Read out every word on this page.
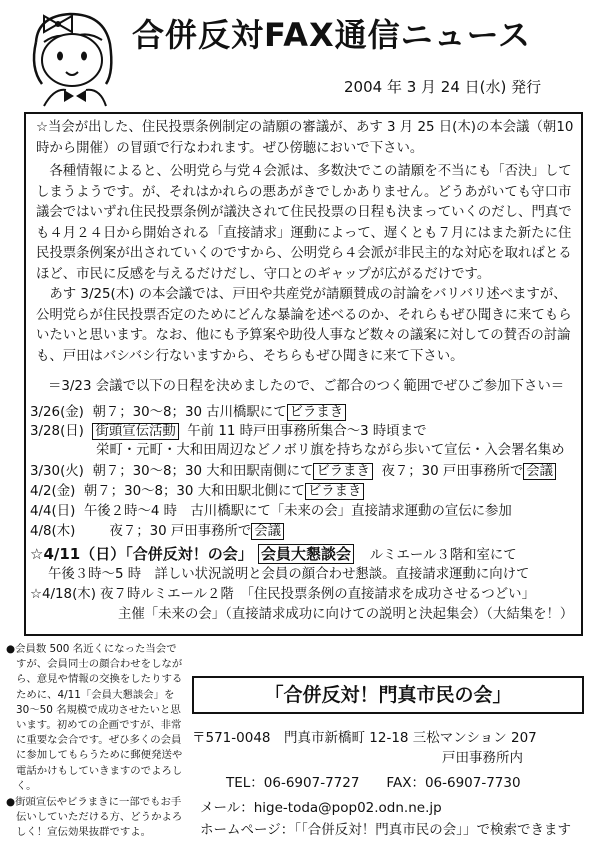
合併反対FAX通信ニュース
2004 年 3 月 24 日(水) 発行
☆当会が出した、住民投票条例制定の請願の審議が、あす 3 月 25 日(木)の本会議（朝10時から開催）の冒頭で行なわれます。ぜひ傍聴においで下さい。
各種情報によると、公明党ら与党４会派は、多数決でこの請願を不当にも「否決」してしまうようです。が、それはかれらの悪あがきでしかありません。どうあがいても守口市議会ではいずれ住民投票条例が議決されて住民投票の日程も決まっていくのだし、門真でも４月２４日から開始される「直接請求」運動によって、遅くとも７月にはまた新たに住民投票条例案が出されていくのですから、公明党ら４会派が非民主的な対応を取ればとるほど、市民に反感を与えるだけだし、守口とのギャップが広がるだけです。
あす 3/25(木) の本会議では、戸田や共産党が請願賛成の討論をバリバリ述べますが、公明党らが住民投票否定のためにどんな暴論を述べるのか、それらもぜひ聞きに来てもらいたいと思います。なお、他にも予算案や助役人事など数々の議案に対しての賛否の討論も、戸田はバシバシ行ないますから、そちらもぜひ聞きに来て下さい。
＝3/23 会議で以下の日程を決めましたので、ご都合のつく範囲でぜひご参加下さい＝
3/26(金) 朝７；30～8；30 古川橋駅にて ビラまき
3/28(日) 街頭宣伝活動 午前 11 時戸田事務所集合～3 時頃まで
栄町・元町・大和田周辺などノボリ旗を持ちながら歩いて宣伝・入会署名集め
3/30(火) 朝７；30～8；30 大和田駅南側にて ビラまき 夜７；30 戸田事務所で 会議
4/2(金) 朝７；30～8；30 大和田駅北側にて ビラまき
4/4(日) 午後２時～4 時　古川橋駅にて「未来の会」直接請求運動の宣伝に参加
4/8(木)	夜７；30 戸田事務所で 会議
☆4/11（日）「合併反対！の会」 会員大懇談会 ルミエール３階和室にて
午後３時～5 時　詳しい状況説明と会員の顔合わせ懇談。直接請求運動に向けて
☆4/18(木) 夜７時ルミエール２階　「住民投票条例の直接請求を成功させるつどい」
主催「未来の会」（直接請求成功に向けての説明と決起集会）（大結集を！）

●会員数 500 名近くになった当会ですが、会員同士の顔合わせをしながら、意見や情報の交換をしたりするために、4/11「会員大懇談会」を 30～50 名規模で成功させたいと思います。初めての企画ですが、非常に重要な会合です。ぜひ多くの会員に参加してもらうために郵便発送や電話かけもしていきますのでよろしく。

●街頭宣伝やビラまきに一部でもお手伝いしていただける方、どうかよろしく！宣伝効果抜群ですよ。

「合併反対！門真市民の会」
〒571-0048　門真市新橋町 12-18 三松マンション 207
戸田事務所内
TEL：06-6907-7727　　FAX：06-6907-7730
メール：hige-toda@pop02.odn.ne.jp
ホームページ：「「合併反対！門真市民の会」」で検索できます
